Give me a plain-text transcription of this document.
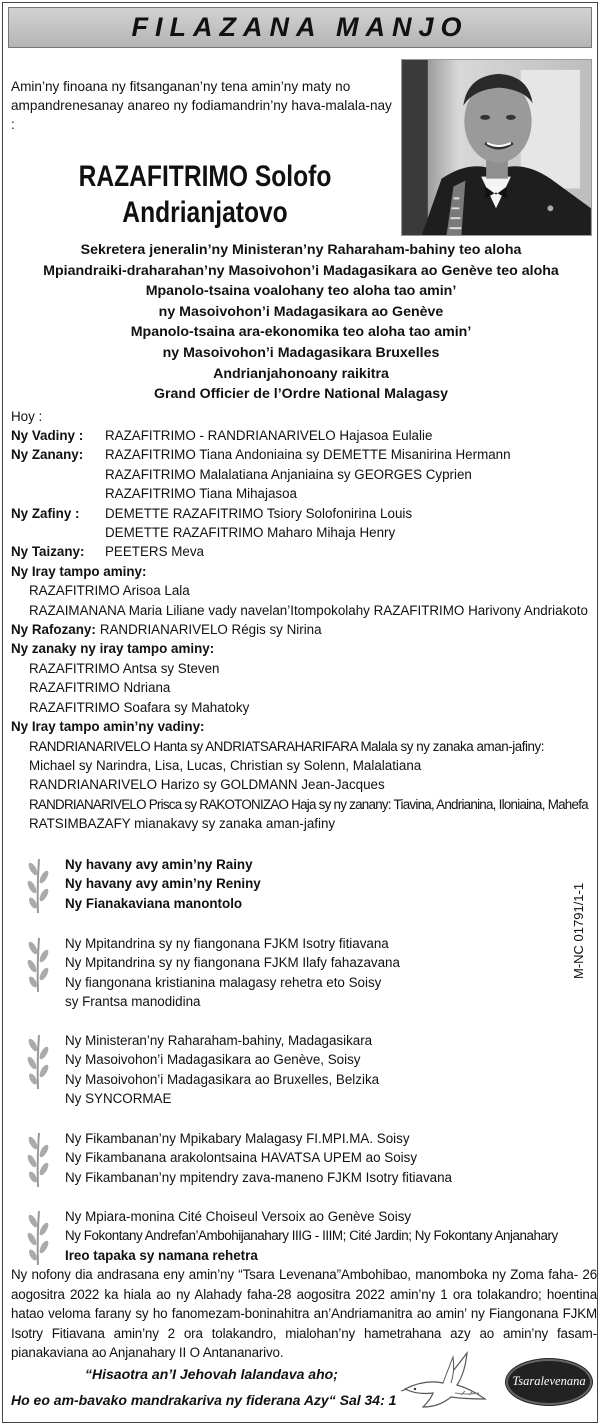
FILAZANA MANJO
Amin’ny finoana ny fitsanganan’ny tena amin’ny maty no ampandrenesanay anareo ny fodiamandrin’ny hava-malala-nay :
RAZAFITRIMO Solofo
Andrianjatovo
Sekretera jeneralin’ny Ministeran’ny Raharaham-bahiny teo aloha
Mpiandraiki-draharahan’ny Masoivohon’i Madagasikara ao Genève teo aloha
Mpanolo-tsaina voalohany teo aloha tao amin’
ny Masoivohon’i Madagasikara ao Genève
Mpanolo-tsaina ara-ekonomika teo aloha tao amin’
ny Masoivohon’i Madagasikara Bruxelles
Andrianjahonoany raikitra
Grand Officier de l’Ordre National Malagasy
Hoy :
Ny Vadiny :	RAZAFITRIMO - RANDRIANARIVELO Hajasoa Eulalie
Ny Zanany:	RAZAFITRIMO Tiana Andoniaina sy DEMETTE Misanirina Hermann
RAZAFITRIMO Malalatiana Anjaniaina sy GEORGES Cyprien
RAZAFITRIMO Tiana Mihajasoa
Ny Zafiny :	DEMETTE RAZAFITRIMO Tsiory Solofonirina Louis
DEMETTE RAZAFITRIMO Maharo Mihaja Henry
Ny Taizany:	PEETERS Meva
Ny Iray tampo aminy:
RAZAFITRIMO Arisoa Lala
RAZAIMANANA Maria Liliane vady navelan’Itompokolahy RAZAFITRIMO Harivony Andriakoto
Ny Rafozany: RANDRIANARIVELO Régis sy Nirina
Ny zanaky ny iray tampo aminy:
RAZAFITRIMO Antsa sy Steven
RAZAFITRIMO Ndriana
RAZAFITRIMO Soafara sy Mahatoky
Ny Iray tampo amin’ny vadiny:
RANDRIANARIVELO Hanta sy ANDRIATSARAHARIFARA Malala sy ny zanaka aman-jafiny:
Michael sy Narindra, Lisa, Lucas, Christian sy Solenn, Malalatiana
RANDRIANARIVELO Harizo sy GOLDMANN Jean-Jacques
RANDRIANARIVELO Prisca sy RAKOTONIZAO Haja sy ny zanany: Tiavina, Andrianina, Iloniaina, Mahefa
RATSIMBAZAFY mianakavy sy zanaka aman-jafiny
Ny havany avy amin’ny Rainy
Ny havany avy amin’ny Reniny
Ny Fianakaviana manontolo
Ny Mpitandrina sy ny fiangonana FJKM Isotry fitiavana
Ny Mpitandrina sy ny fiangonana FJKM Ilafy fahazavana
Ny fiangonana kristianina malagasy rehetra eto Soisy
sy Frantsa manodidina
Ny Ministeran’ny Raharaham-bahiny, Madagasikara
Ny Masoivohon’i Madagasikara ao Genève, Soisy
Ny Masoivohon’i Madagasikara ao Bruxelles, Belzika
Ny SYNCORMAE
Ny Fikambanan’ny Mpikabary Malagasy FI.MPI.MA. Soisy
Ny Fikambanana arakolontsaina HAVATSA UPEM ao Soisy
Ny Fikambanan’ny mpitendry zava-maneno FJKM Isotry fitiavana
Ny Mpiara-monina Cité Choiseul Versoix ao Genève Soisy
Ny Fokontany Andrefan’Ambohijanahary IIIG - IIIM; Cité Jardin; Ny Fokontany Anjanahary
Ireo tapaka sy namana rehetra
M-NC 01791/1-1
Ny nofony dia andrasana eny amin’ny “Tsara Levenana”Ambohibao, manomboka ny Zoma faha- 26 aogositra 2022 ka hiala ao ny Alahady faha-28 aogositra 2022 amin’ny 1 ora tolakandro; hoentina hatao veloma farany sy ho fanomezam-boninahitra an’Andriamanitra ao amin’ ny Fiangonana FJKM Isotry Fitiavana amin’ny 2 ora tolakandro, mialohan’ny hametrahana azy ao amin’ny fasam-pianakaviana ao Anjanahary II O Antananarivo.
“Hisaotra an’I Jehovah lalandava aho;
Ho eo am-bavako mandrakariva ny fiderana Azy“ Sal 34: 1
Tsaralevenana
